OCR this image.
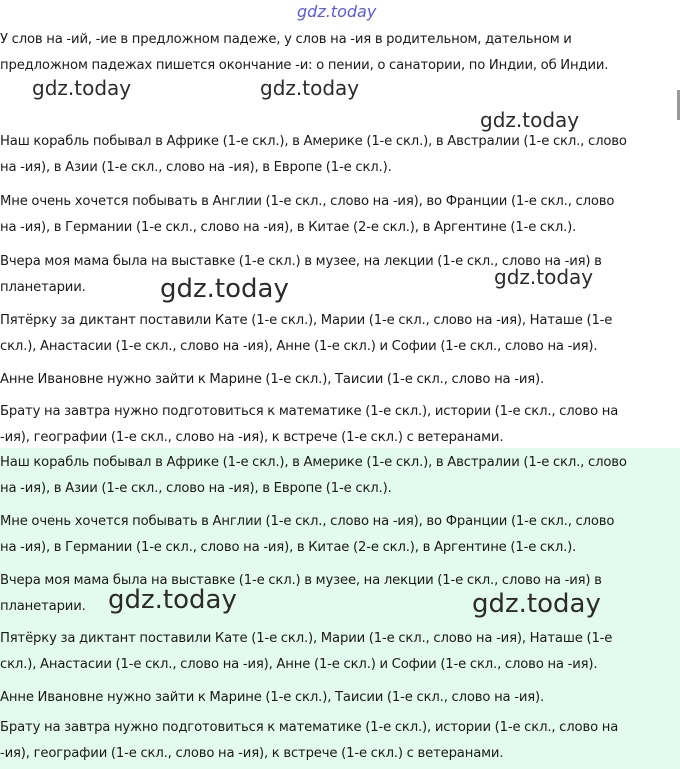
gdz.today

У слов на -ий, -ие в предложном падеже, у слов на -ия в родительном, дательном и
предложном падежах пишется окончание -и: о пении, о санатории, по Индии, об Индии.

Наш корабль побывал в Африке (1-е скл.), в Америке (1-е скл.), в Австралии (1-е скл., слово
на -ия), в Азии (1-е скл., слово на -ия), в Европе (1-е скл.).

Мне очень хочется побывать в Англии (1-е скл., слово на -ия), во Франции (1-е скл., слово
на -ия), в Германии (1-е скл., слово на -ия), в Китае (2-е скл.), в Аргентине (1-е скл.).

Вчера моя мама была на выставке (1-е скл.) в музее, на лекции (1-е скл., слово на -ия) в
планетарии.

Пятёрку за диктант поставили Кате (1-е скл.), Марии (1-е скл., слово на -ия), Наташе (1-е
скл.), Анастасии (1-е скл., слово на -ия), Анне (1-е скл.) и Софии (1-е скл., слово на -ия).

Анне Ивановне нужно зайти к Марине (1-е скл.), Таисии (1-е скл., слово на -ия).

Брату на завтра нужно подготовиться к математике (1-е скл.), истории (1-е скл., слово на
-ия), географии (1-е скл., слово на -ия), к встрече (1-е скл.) с ветеранами.

Наш корабль побывал в Африке (1-е скл.), в Америке (1-е скл.), в Австралии (1-е скл., слово
на -ия), в Азии (1-е скл., слово на -ия), в Европе (1-е скл.).

Мне очень хочется побывать в Англии (1-е скл., слово на -ия), во Франции (1-е скл., слово
на -ия), в Германии (1-е скл., слово на -ия), в Китае (2-е скл.), в Аргентине (1-е скл.).

Вчера моя мама была на выставке (1-е скл.) в музее, на лекции (1-е скл., слово на -ия) в
планетарии.

Пятёрку за диктант поставили Кате (1-е скл.), Марии (1-е скл., слово на -ия), Наташе (1-е
скл.), Анастасии (1-е скл., слово на -ия), Анне (1-е скл.) и Софии (1-е скл., слово на -ия).

Анне Ивановне нужно зайти к Марине (1-е скл.), Таисии (1-е скл., слово на -ия).

Брату на завтра нужно подготовиться к математике (1-е скл.), истории (1-е скл., слово на
-ия), географии (1-е скл., слово на -ия), к встрече (1-е скл.) с ветеранами.

gdz.today	gdz.today
gdz.today
gdz.today
gdz.today
gdz.today	gdz.today
